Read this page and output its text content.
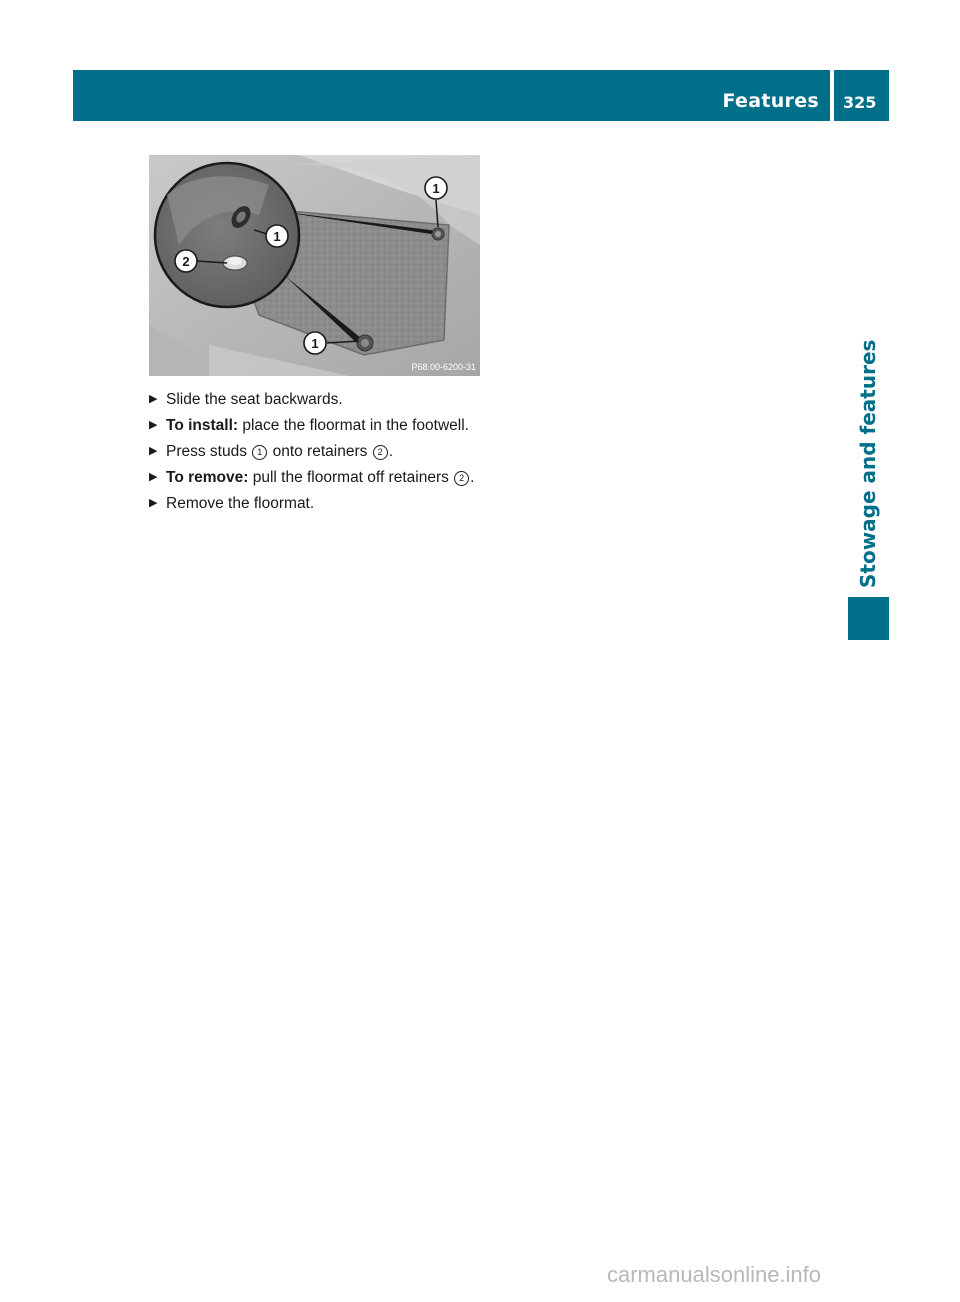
Features 325
Stowage and features
1
1
2
1
P68.00-6200-31
▶ Slide the seat backwards.
▶ To install: place the floormat in the footwell.
▶ Press studs 1 onto retainers 2 .
▶ To remove: pull the floormat off retainers 2 .
▶ Remove the floormat.
carmanualsonline.info
